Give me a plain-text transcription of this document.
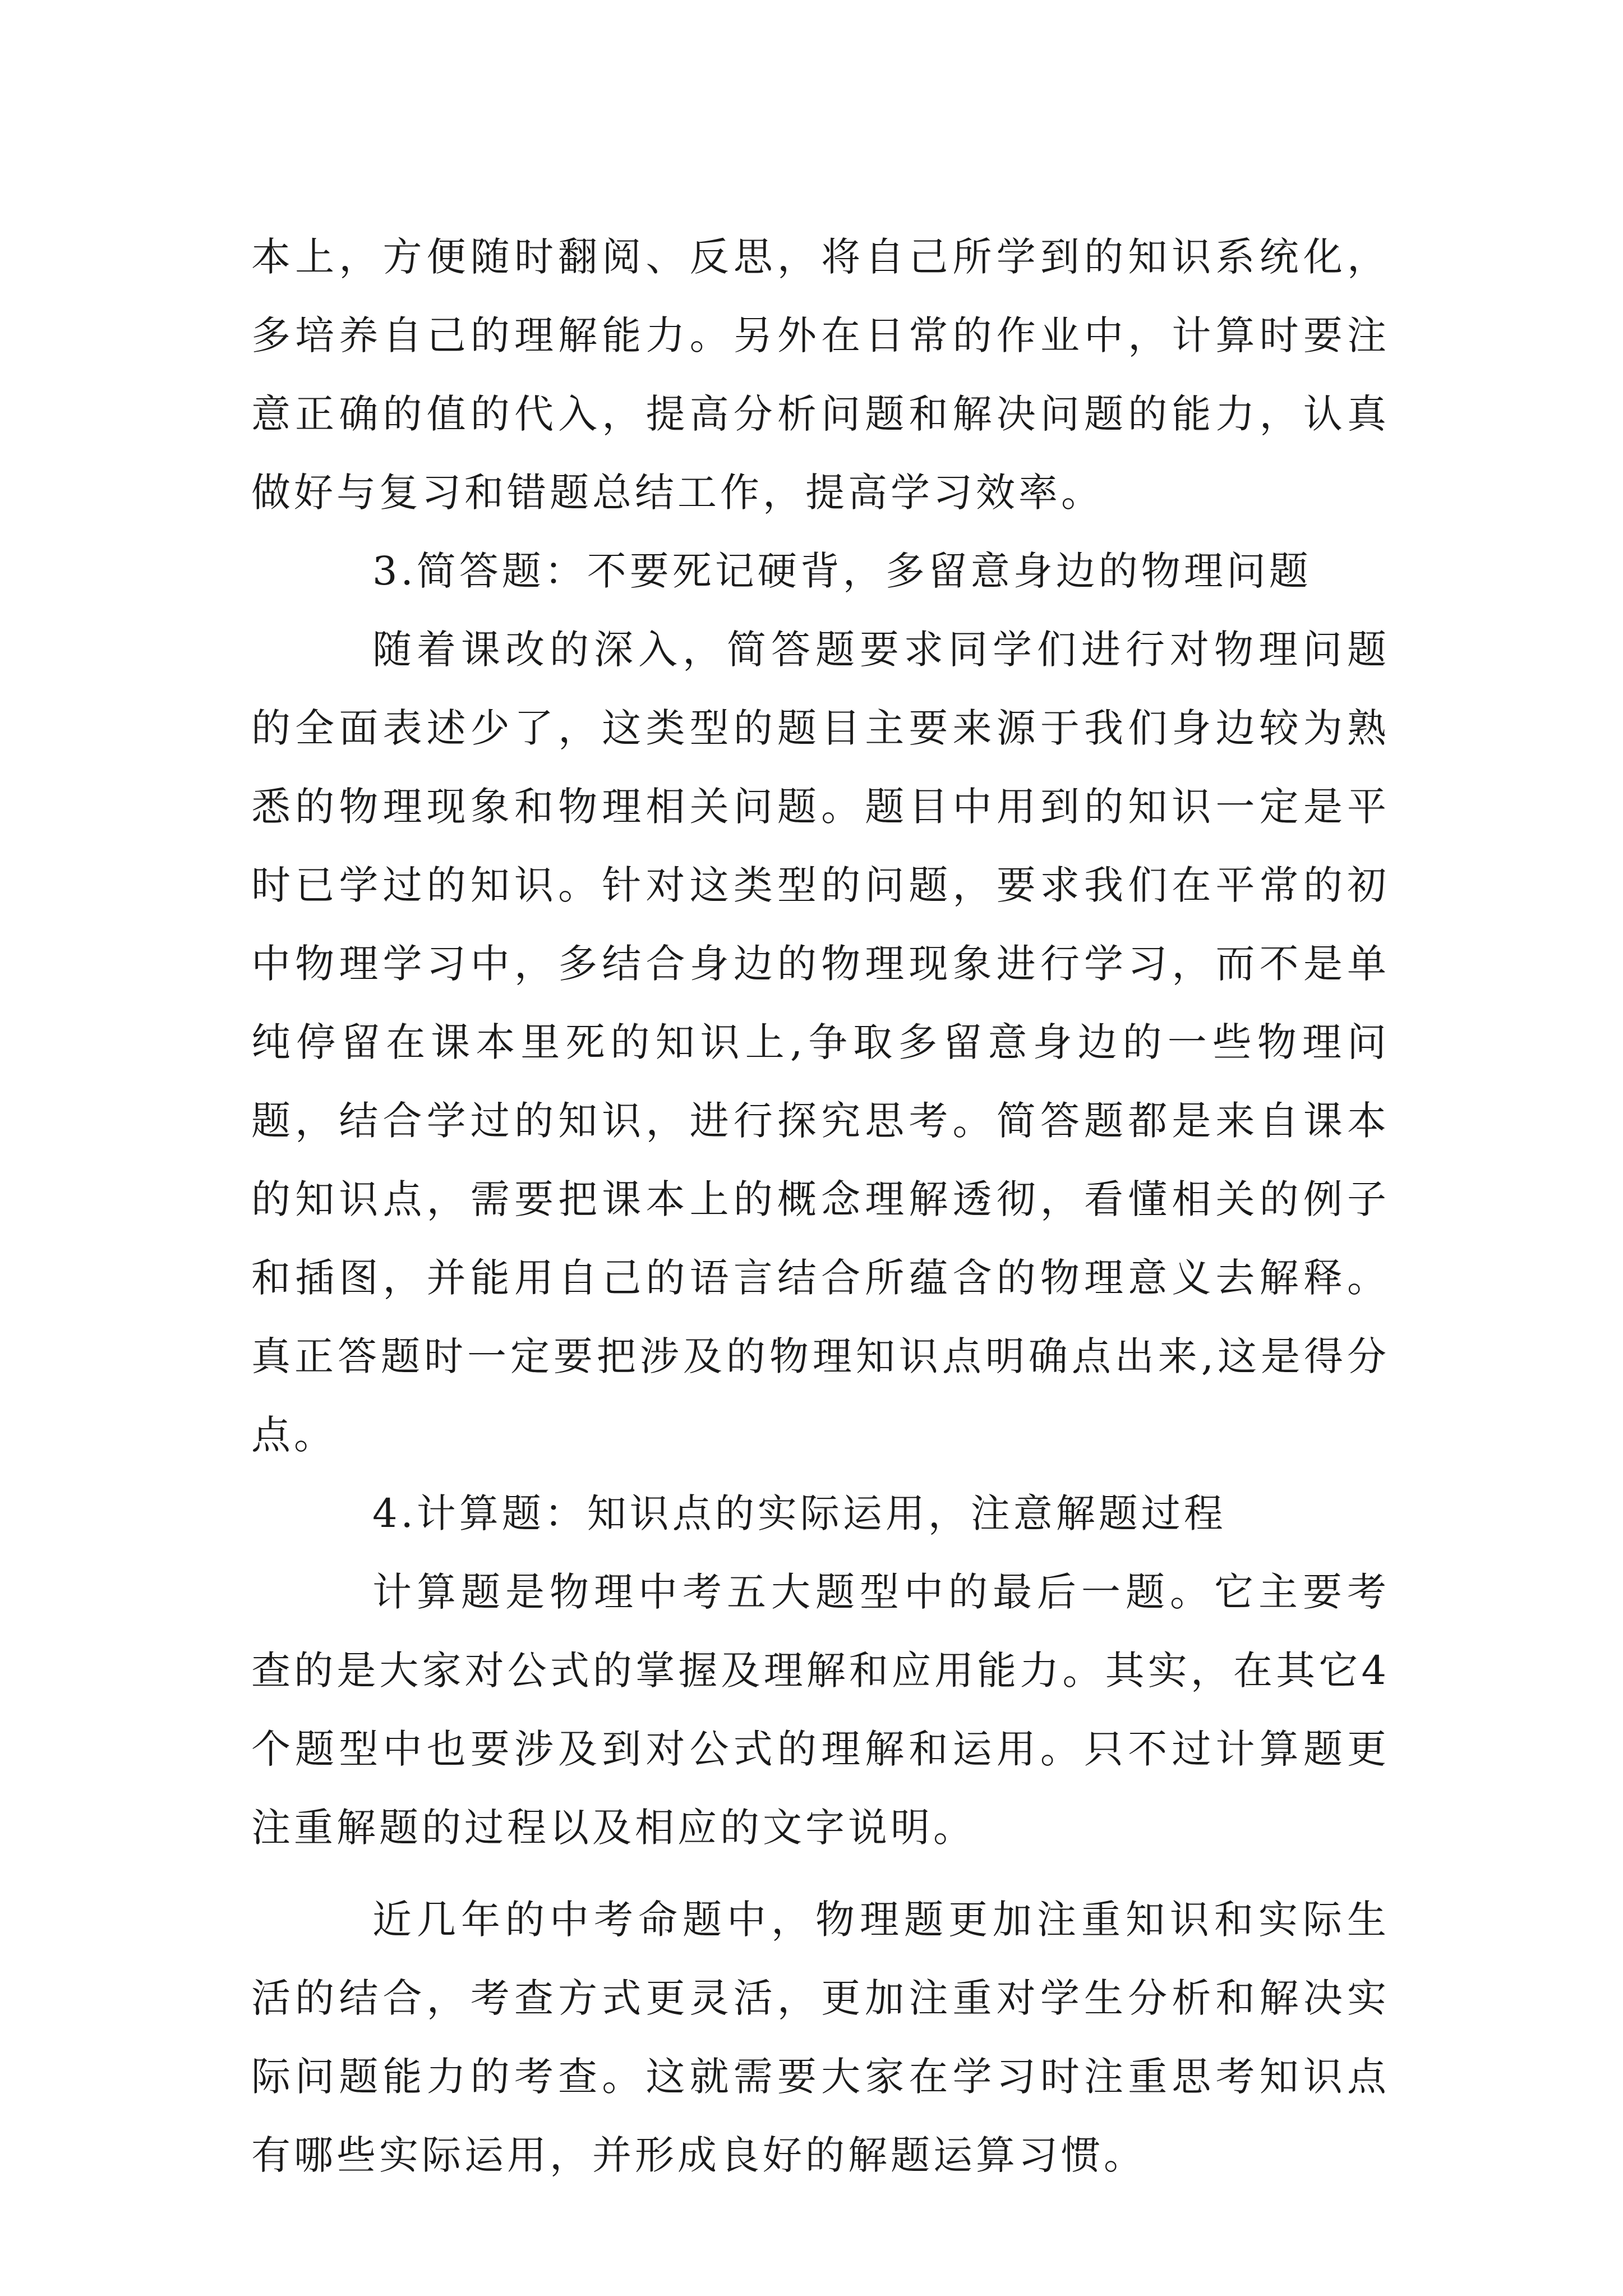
本上，方便随时翻阅、反思，将自己所学到的知识系统化，多培养自己的理解能力。另外在日常的作业中，计算时要注意正确的值的代入，提高分析问题和解决问题的能力，认真做好与复习和错题总结工作，提高学习效率。

3.简答题：不要死记硬背，多留意身边的物理问题

随着课改的深入，简答题要求同学们进行对物理问题的全面表述少了，这类型的题目主要来源于我们身边较为熟悉的物理现象和物理相关问题。题目中用到的知识一定是平时已学过的知识。针对这类型的问题，要求我们在平常的初中物理学习中，多结合身边的物理现象进行学习，而不是单纯停留在课本里死的知识上,争取多留意身边的一些物理问题，结合学过的知识，进行探究思考。简答题都是来自课本的知识点，需要把课本上的概念理解透彻，看懂相关的例子和插图，并能用自己的语言结合所蕴含的物理意义去解释。真正答题时一定要把涉及的物理知识点明确点出来,这是得分点。

4.计算题：知识点的实际运用，注意解题过程

计算题是物理中考五大题型中的最后一题。它主要考查的是大家对公式的掌握及理解和应用能力。其实，在其它4个题型中也要涉及到对公式的理解和运用。只不过计算题更注重解题的过程以及相应的文字说明。

近几年的中考命题中，物理题更加注重知识和实际生活的结合，考查方式更灵活，更加注重对学生分析和解决实际问题能力的考查。这就需要大家在学习时注重思考知识点有哪些实际运用，并形成良好的解题运算习惯。
